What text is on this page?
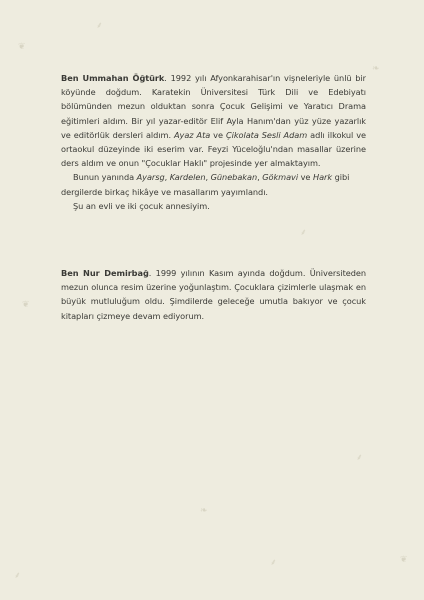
❦
⸙
❧
⸙
❦
⸙
❧
⸙	❦
⸙

Ben Ummahan Öğtürk. 1992 yılı Afyonkarahisar'ın vişneleriyle ünlü bir köyünde doğdum. Karatekin Üniversitesi Türk Dili ve Edebiyatı bölümünden mezun olduktan sonra Çocuk Gelişimi ve Yaratıcı Drama eğitimleri aldım. Bir yıl yazar-editör Elif Ayla Hanım'dan yüz yüze yazarlık ve editörlük dersleri aldım. Ayaz Ata ve Çikolata Sesli Adam adlı ilkokul ve ortaokul düzeyinde iki eserim var. Feyzi Yüceloğlu'ndan masallar üzerine ders aldım ve onun "Çocuklar Haklı" projesinde yer almaktayım.

Bunun yanında Ayarsg, Kardelen, Günebakan, Gökmavi ve Hark gibi dergilerde birkaç hikâye ve masallarım yayımlandı.

Şu an evli ve iki çocuk annesiyim.

Ben Nur Demirbağ. 1999 yılının Kasım ayında doğdum. Üniversiteden mezun olunca resim üzerine yoğunlaştım. Çocuklara çizimlerle ulaşmak en büyük mutluluğum oldu. Şimdilerde geleceğe umutla bakıyor ve çocuk kitapları çizmeye devam ediyorum.
